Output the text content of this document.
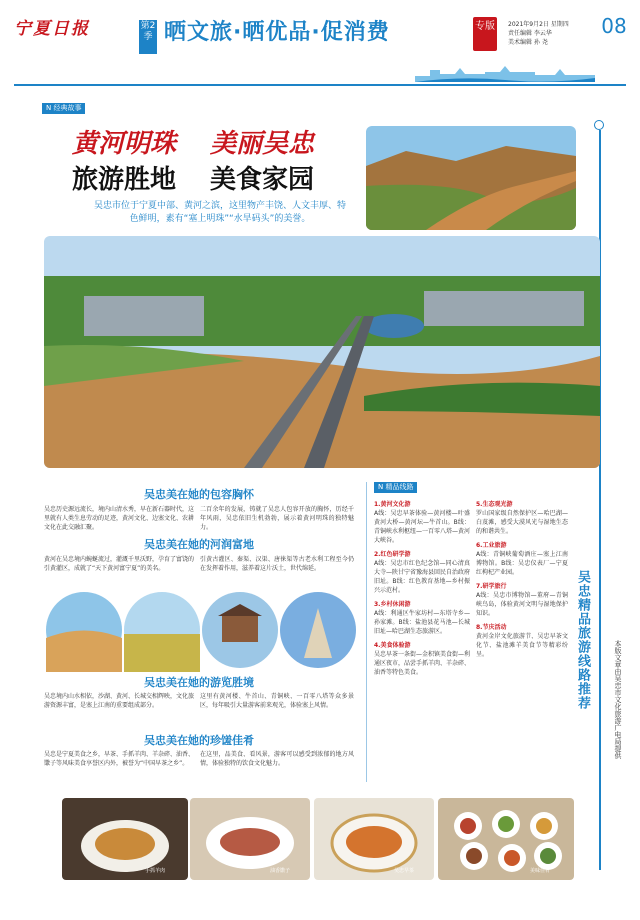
宁夏日报	第2季 晒文旅·晒优品·促消费	专版	2021年9月2日 星期四
责任编辑 李云华
美术编辑 孙 尧
08
本版文章由吴忠市文化旅游广电局提供
N 经典故事
黄河明珠 美丽吴忠
旅游胜地 美食家园
吴忠市位于宁夏中部、黄河之滨，这里物产丰饶、人文丰厚、特色鲜明，素有“塞上明珠”“水旱码头”的美誉。
吴忠美在她的包容胸怀
吴忠历史源远流长，境内山清水秀，早在新石器时代，这里就有人类生息劳动的足迹，黄河文化、边塞文化、农耕文化在此交融汇聚。
二百余年的发展，铸就了吴忠人包容开放的胸怀，历经千年风雨，吴忠依旧生机勃勃，展示着黄河明珠的独特魅力。
吴忠美在她的河润富地
黄河在吴忠境内蜿蜒流过，灌溉千里沃野，孕育了富饶的引黄灌区，成就了“天下黄河富宁夏”的美名。
引黄古灌区、秦渠、汉渠、唐徕渠等古老水利工程至今仍在发挥着作用，滋养着这片沃土，世代绵延。
吴忠美在她的游览胜境
吴忠境内山水相依，沙湖、黄河、长城交相辉映，文化旅游资源丰富，是塞上江南的重要组成部分。
这里有黄河楼、牛首山、青铜峡、一百零八塔等众多景区，每年吸引大量游客前来观光，体验塞上风情。
吴忠美在她的珍馐佳肴
吴忠是宁夏美食之乡，早茶、手抓羊肉、羊杂碎、油香、馓子等风味美食享誉区内外，被誉为“中国早茶之乡”。
在这里，品美食、看风景，游客可以感受到浓郁的地方风情，体验独特的饮食文化魅力。
N 精品线路
1.黄河文化游
A线：吴忠早茶体验—黄河楼—叶盛黄河大桥—黄河坛—牛首山。B线：青铜峡水利枢纽—一百零八塔—黄河大峡谷。
2.红色研学游
A线：吴忠市红色纪念馆—同心清真大寺—陕甘宁省豫海县回民自治政府旧址。B线：红色教育基地—乡村振兴示范村。
3.乡村休闲游
A线：利通区牛家坊村—东塔寺乡—孙家滩。B线：盐池县花马池—长城旧址—哈巴湖生态旅游区。
4.美食体验游
吴忠早茶一条街—金积镇美食街—利通区夜市，品尝手抓羊肉、羊杂碎、油香等特色美食。
5.生态观光游
罗山国家级自然保护区—哈巴湖—白芨滩，感受大漠风光与湿地生态的和谐共生。
6.工业旅游
A线：青铜峡葡萄酒庄—塞上江南博物馆。B线：吴忠仪表厂—宁夏红枸杞产业园。
7.研学旅行
A线：吴忠市博物馆—董府—青铜峡鸟岛，体验黄河文明与湿地保护知识。
8.节庆活动
黄河金岸文化旅游节、吴忠早茶文化节、盐池滩羊美食节等精彩纷呈。	吴忠精品旅游线路推荐
手抓羊肉	油香馓子	吴忠早茶	美味佳肴
